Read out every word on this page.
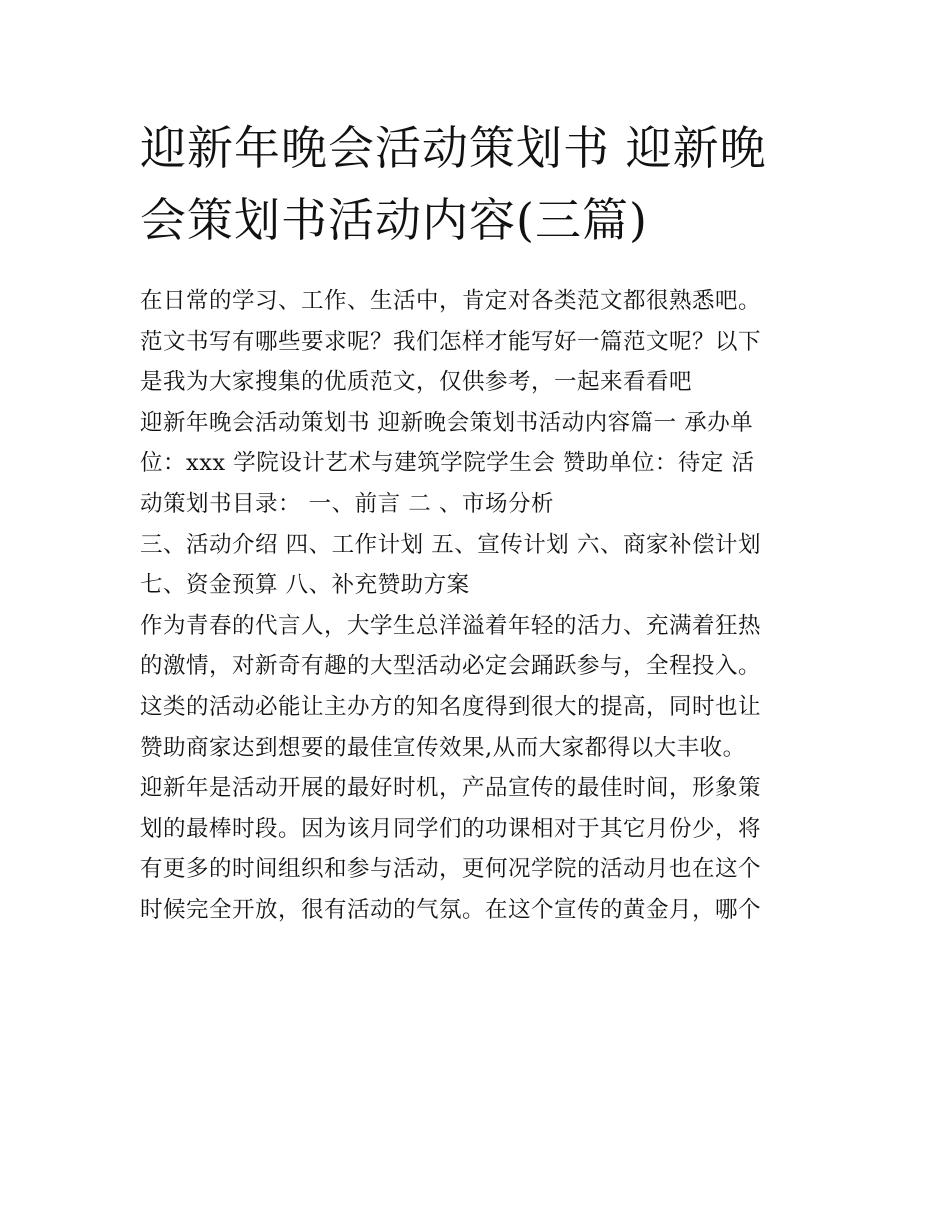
迎新年晚会活动策划书 迎新晚
会策划书活动内容(三篇)
在日常的学习、工作、生活中，肯定对各类范文都很熟悉吧。
范文书写有哪些要求呢？我们怎样才能写好一篇范文呢？以下
是我为大家搜集的优质范文，仅供参考，一起来看看吧
迎新年晚会活动策划书 迎新晚会策划书活动内容篇一 承办单
位：xxx 学院设计艺术与建筑学院学生会 赞助单位：待定 活
动策划书目录： 一、前言 二 、市场分析
三、活动介绍 四、工作计划 五、宣传计划 六、商家补偿计划
七、资金预算 八、补充赞助方案
作为青春的代言人，大学生总洋溢着年轻的活力、充满着狂热
的激情，对新奇有趣的大型活动必定会踊跃参与，全程投入。
这类的活动必能让主办方的知名度得到很大的提高，同时也让
赞助商家达到想要的最佳宣传效果,从而大家都得以大丰收。
迎新年是活动开展的最好时机，产品宣传的最佳时间，形象策
划的最棒时段。因为该月同学们的功课相对于其它月份少，将
有更多的时间组织和参与活动，更何况学院的活动月也在这个
时候完全开放，很有活动的气氛。在这个宣传的黄金月，哪个
